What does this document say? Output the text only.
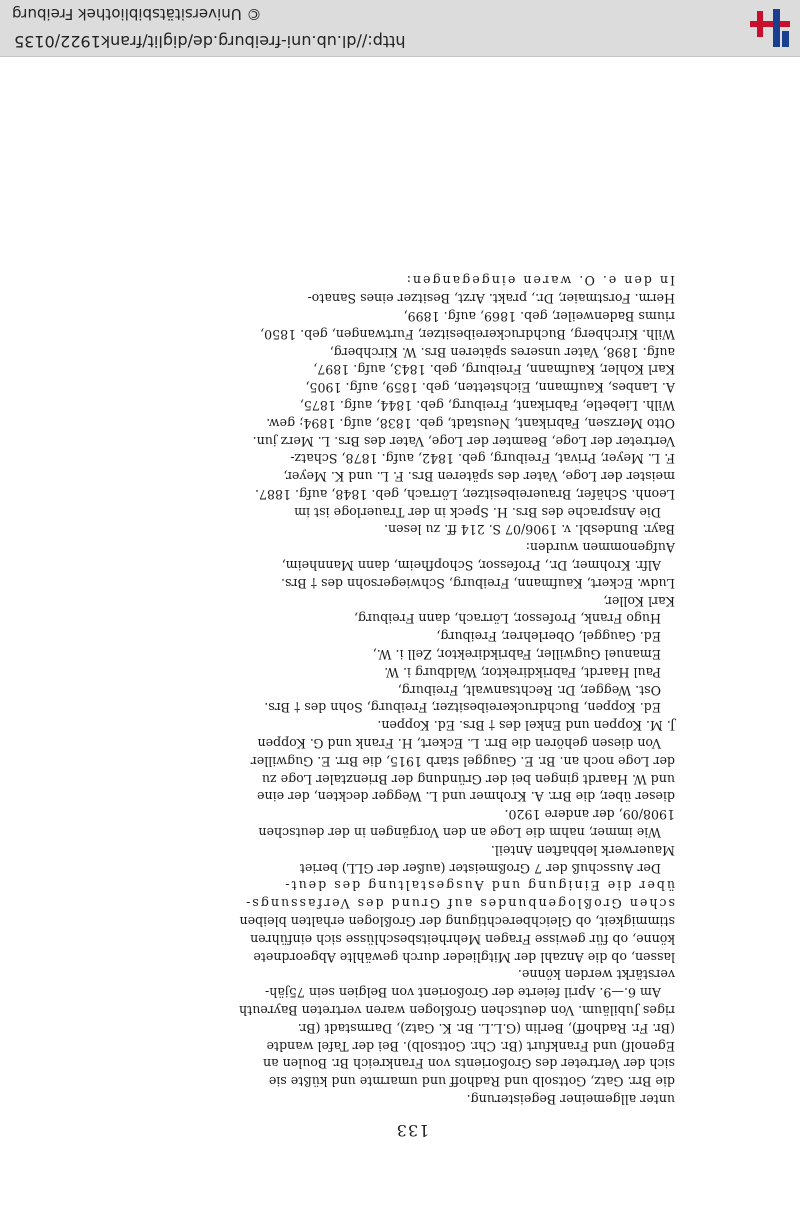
© Universitätsbibliothek Freiburg
http://dl.ub.uni-freiburg.de/diglit/frank1922/0135
133

unter allgemeiner Begeisterung.

die Brr. Gatz, Gottsolb und Radhoff und umarmte und küßte sie

sich der Vertreter des Großorients von Frankreich Br. Boulen an

Egenolf) und Frankfurt (Br. Chr. Gottsolb). Bei der Tafel wandte

(Br. Fr. Radhoff), Berlin (G.L.L. Br. K. Gatz), Darmstadt (Br.

riges Jubiläum. Von deutschen Großlogen waren vertreten Bayreuth

Am 6.—9. April feierte der Großorient von Belgien sein 75jäh-

verstärkt werden könne.

lassen, ob die Anzahl der Mitglieder durch gewählte Abgeordnete

könne, ob für gewisse Fragen Mehrheitsbeschlüsse sich einführen

stimmigkeit, ob Gleichberechtigung der Großlogen erhalten bleiben

schen Großlogenbundes auf Grund des Verfassungs-

über die Einigung und Ausgestaltung des deut-

Der Ausschuß der 7 Großmeister (außer der GLL) beriet

Mauerwerk lebhaften Anteil.

Wie immer, nahm die Loge an den Vorgängen in der deutschen

1908/09, der andere 1920.

dieser über, die Brr. A. Krohmer und L. Wegger deckten, der eine

und W. Haardt gingen bei der Gründung der Brienztaler Loge zu

der Loge noch an. Br. E. Gauggel starb 1915, die Brr. E. Gugwiller

Von diesen gehören die Brr. L. Eckert, H. Frank und G. Koppen

J. M. Koppen und Enkel des † Brs. Ed. Koppen.

Ed. Koppen, Buchdruckereibesitzer, Freiburg, Sohn des † Brs.

Ost. Wegger, Dr. Rechtsanwalt, Freiburg,

Paul Haardt, Fabrikdirektor, Waldburg i. W.

Emanuel Gugwiller, Fabrikdirektor, Zell i. W.,

Ed. Gauggel, Oberlehrer, Freiburg,

Hugo Frank, Professor, Lörrach, dann Freiburg,

Karl Koller,

Ludw. Eckert, Kaufmann, Freiburg, Schwiegersohn des † Brs.

Alfr. Krohmer, Dr., Professor, Schopfheim, dann Mannheim,

Aufgenommen wurden:

Bayr. Bundesbl. v. 1906/07 S. 214 ff. zu lesen.

Die Ansprache des Brs. H. Speck in der Trauerloge ist im

Leonh. Schäfer, Brauereibesitzer, Lörrach, geb. 1848, aufg. 1887.

meister der Loge, Vater des späteren Brs. F. L. und K. Meyer,

F. L. Meyer, Privat, Freiburg, geb. 1842, aufg. 1878, Schatz-

Vertreter der Loge, Beamter der Loge, Vater des Brs. L. Merz jun.

Otto Merzsen, Fabrikant, Neustadt, geb. 1838, aufg. 1894; gew.

Wilh. Liebetle, Fabrikant, Freiburg, geb. 1844, aufg. 1875,

A. Lanbes, Kaufmann, Eichstetten, geb. 1859, aufg. 1905,

Karl Kohler, Kaufmann, Freiburg, geb. 1843, aufg. 1897,

aufg. 1898, Vater unseres späteren Brs. W. Kirchberg,

Wilh. Kirchberg, Buchdruckereibesitzer, Furtwangen, geb. 1850,

riums Badenweiler, geb. 1869, aufg. 1899,

Herm. Forstmaier, Dr., prakt. Arzt, Besitzer eines Sanato-

In den e. O. waren eingegangen:
